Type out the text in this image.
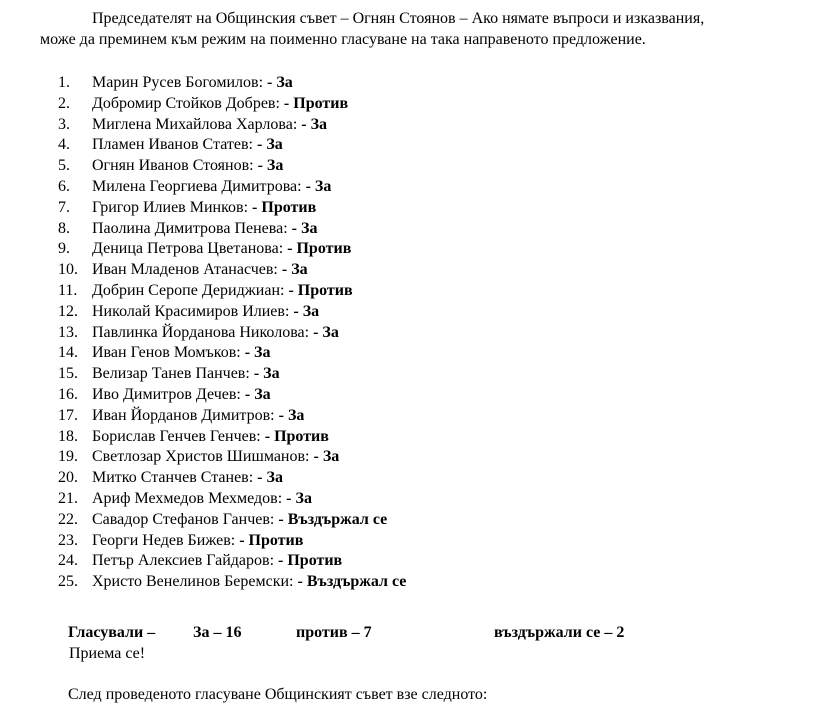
Председателят на Общинския съвет – Огнян Стоянов – Ако нямате въпроси и изказвания,
може да преминем към режим на поименно гласуване на така направеното предложение.
1. Марин Русев Богомилов: - За
2. Добромир Стойков Добрев: - Против
3. Миглена Михайлова Харлова: - За
4. Пламен Иванов Статев: - За
5. Огнян Иванов Стоянов: - За
6. Милена Георгиева Димитрова: - За
7. Григор Илиев Минков: - Против
8. Паолина Димитрова Пенева: - За
9. Деница Петрова Цветанова: - Против
10. Иван Младенов Атанасчев: - За
11. Добрин Серопе Дериджиан: - Против
12. Николай Красимиров Илиев: - За
13. Павлинка Йорданова Николова: - За
14. Иван Генов Момъков: - За
15. Велизар Танев Панчев: - За
16. Иво Димитров Дечев: - За
17. Иван Йорданов Димитров: - За
18. Борислав Генчев Генчев: - Против
19. Светлозар Христов Шишманов: - За
20. Митко Станчев Станев: - За
21. Ариф Мехмедов Мехмедов: - За
22. Савадор Стефанов Ганчев: - Въздържал се
23. Георги Недев Бижев: - Против
24. Петър Алексиев Гайдаров: - Против
25. Христо Венелинов Беремски: - Въздържал се
Гласували – За – 16	против – 7	въздържали се – 2
Приема се!
След проведеното гласуване Общинският съвет взе следното:
